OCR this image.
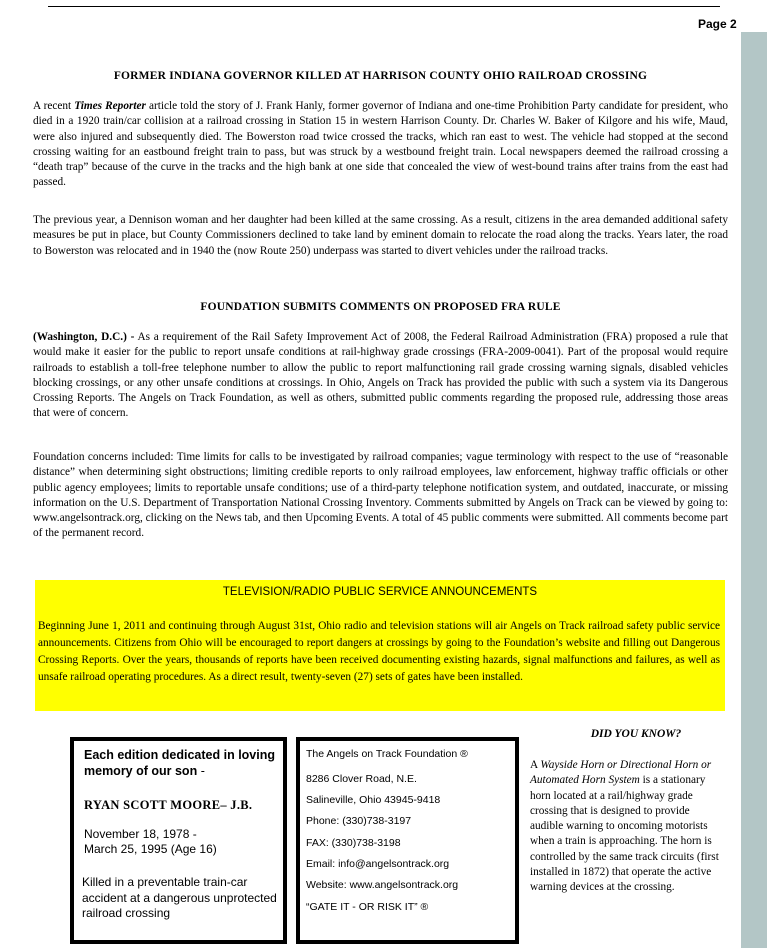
Page 2
FORMER INDIANA GOVERNOR KILLED AT HARRISON COUNTY OHIO RAILROAD CROSSING

A recent Times Reporter article told the story of J. Frank Hanly, former governor of Indiana and one-time Prohibition Party candidate for president, who died in a 1920 train/car collision at a railroad crossing in Station 15 in western Harrison County. Dr. Charles W. Baker of Kilgore and his wife, Maud, were also injured and subsequently died. The Bowerston road twice crossed the tracks, which ran east to west. The vehicle had stopped at the second crossing waiting for an eastbound freight train to pass, but was struck by a westbound freight train. Local newspapers deemed the railroad crossing a “death trap” because of the curve in the tracks and the high bank at one side that concealed the view of west-bound trains after trains from the east had passed.

The previous year, a Dennison woman and her daughter had been killed at the same crossing. As a result, citizens in the area demanded additional safety measures be put in place, but County Commissioners declined to take land by eminent domain to relocate the road along the tracks. Years later, the road to Bowerston was relocated and in 1940 the (now Route 250) underpass was started to divert vehicles under the railroad tracks.

FOUNDATION SUBMITS COMMENTS ON PROPOSED FRA RULE

(Washington, D.C.) - As a requirement of the Rail Safety Improvement Act of 2008, the Federal Railroad Administration (FRA) proposed a rule that would make it easier for the public to report unsafe conditions at rail-highway grade crossings (FRA-2009-0041). Part of the proposal would require railroads to establish a toll-free telephone number to allow the public to report malfunctioning rail grade crossing warning signals, disabled vehicles blocking crossings, or any other unsafe conditions at crossings. In Ohio, Angels on Track has provided the public with such a system via its Dangerous Crossing Reports. The Angels on Track Foundation, as well as others, submitted public comments regarding the proposed rule, addressing those areas that were of concern.

Foundation concerns included: Time limits for calls to be investigated by railroad companies; vague terminology with respect to the use of “reasonable distance” when determining sight obstructions; limiting credible reports to only railroad employees, law enforcement, highway traffic officials or other public agency employees; limits to reportable unsafe conditions; use of a third-party telephone notification system, and outdated, inaccurate, or missing information on the U.S. Department of Transportation National Crossing Inventory. Comments submitted by Angels on Track can be viewed by going to: www.angelsontrack.org, clicking on the News tab, and then Upcoming Events. A total of 45 public comments were submitted. All comments become part of the permanent record.

TELEVISION/RADIO PUBLIC SERVICE ANNOUNCEMENTS

Beginning June 1, 2011 and continuing through August 31st, Ohio radio and television stations will air Angels on Track railroad safety public service announcements. Citizens from Ohio will be encouraged to report dangers at crossings by going to the Foundation’s website and filling out Dangerous Crossing Reports. Over the years, thousands of reports have been received documenting existing hazards, signal malfunctions and failures, as well as unsafe railroad operating procedures. As a direct result, twenty-seven (27) sets of gates have been installed.

Each edition dedicated in loving memory of our son -
RYAN SCOTT MOORE– J.B.
November 18, 1978 -
March 25, 1995 (Age 16)
Killed in a preventable train-car accident at a dangerous unprotected railroad crossing
The Angels on Track Foundation ®
8286 Clover Road, N.E.
Salineville, Ohio 43945-9418
Phone: (330)738-3197
FAX: (330)738-3198
Email: info@angelsontrack.org
Website: www.angelsontrack.org
“GATE IT - OR RISK IT” ®
DID YOU KNOW?

A Wayside Horn or Directional Horn or Automated Horn System is a stationary horn located at a rail/highway grade crossing that is designed to provide audible warning to oncoming motorists when a train is approaching. The horn is controlled by the same track circuits (first installed in 1872) that operate the active warning devices at the crossing.
